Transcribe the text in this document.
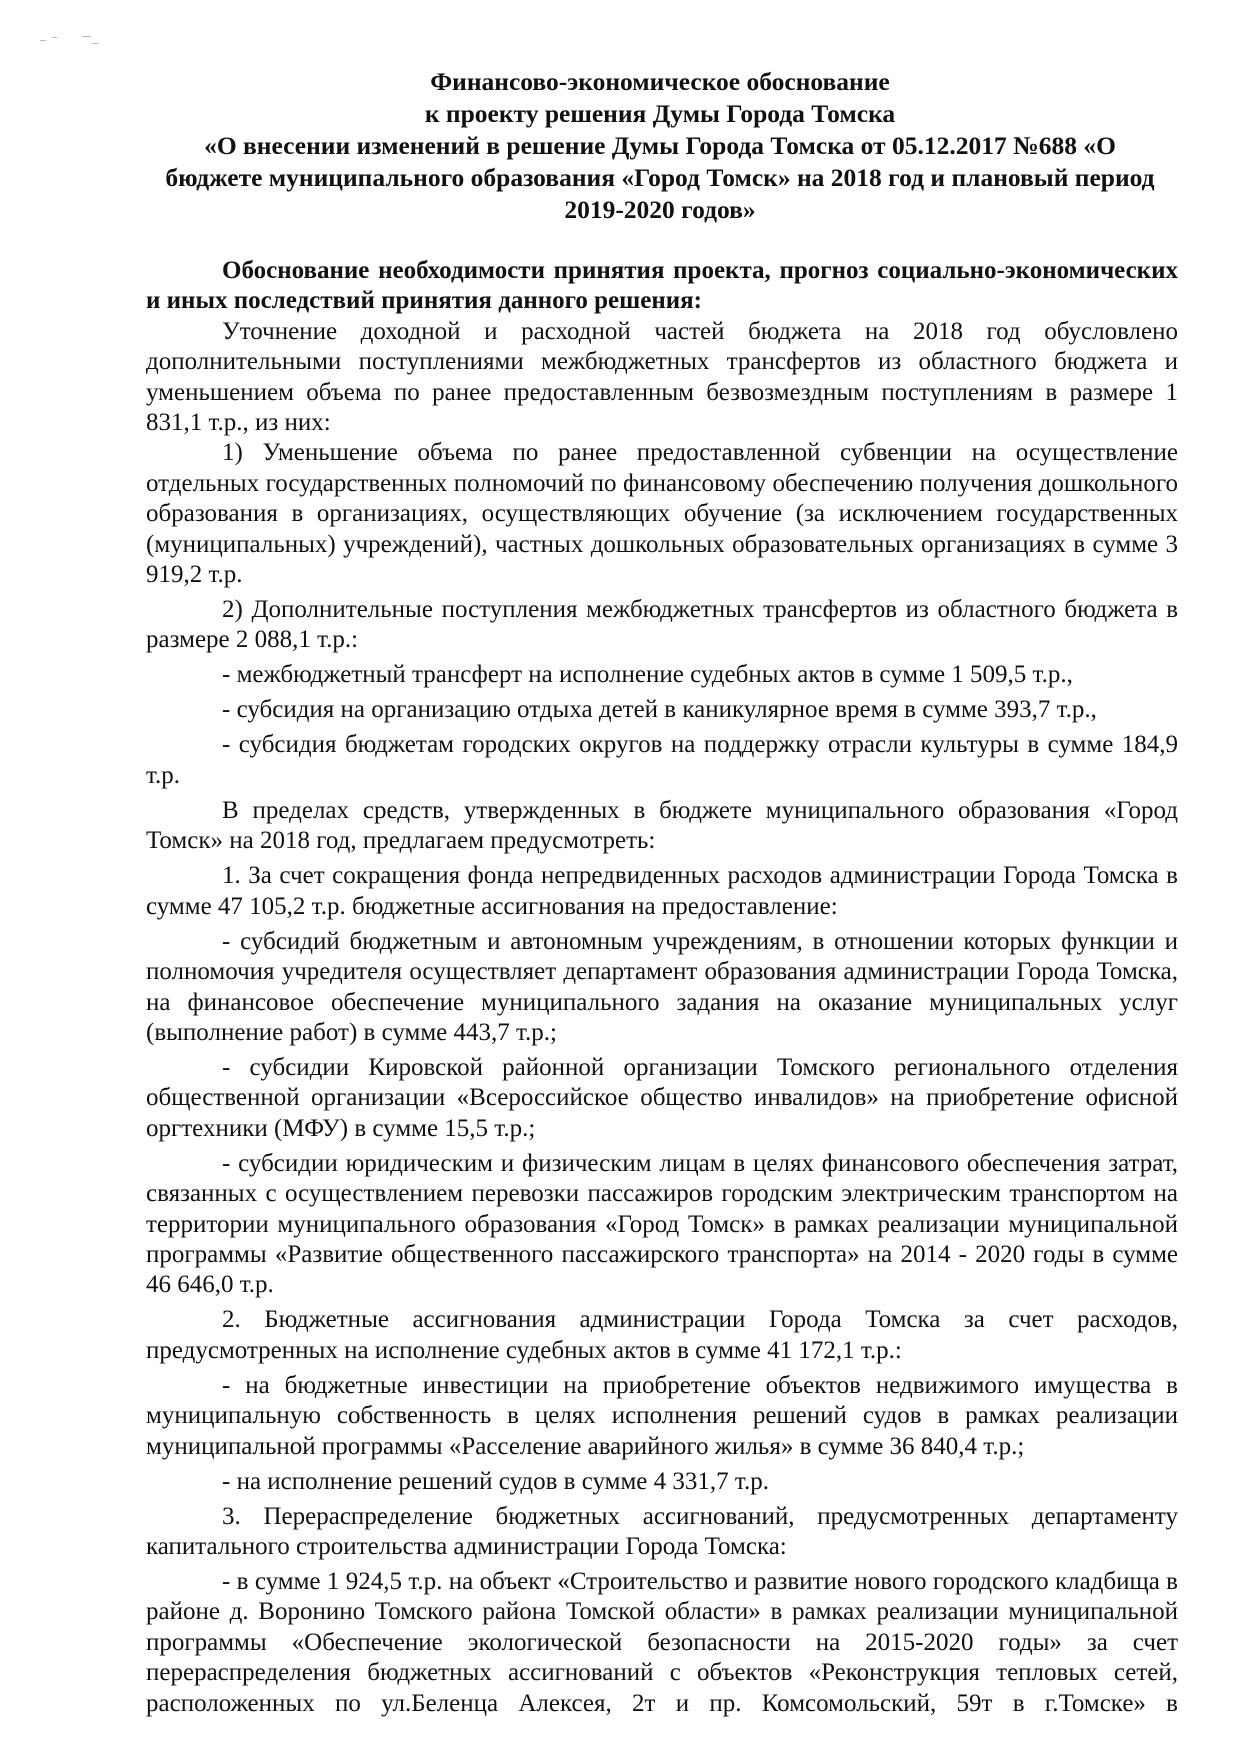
Финансово-экономическое обоснование
к проекту решения Думы Города Томска
«О внесении изменений в решение Думы Города Томска от 05.12.2017 №688 «О
бюджете муниципального образования «Город Томск» на 2018 год и плановый период
2019-2020 годов»

Обоснование необходимости принятия проекта, прогноз социально-экономических и иных последствий принятия данного решения:

Уточнение доходной и расходной частей бюджета на 2018 год обусловлено дополнительными поступлениями межбюджетных трансфертов из областного бюджета и уменьшением объема по ранее предоставленным безвозмездным поступлениям в размере 1 831,1 т.р., из них:

1) Уменьшение объема по ранее предоставленной субвенции на осуществление отдельных государственных полномочий по финансовому обеспечению получения дошкольного образования в организациях, осуществляющих обучение (за исключением государственных (муниципальных) учреждений), частных дошкольных образовательных организациях в сумме 3 919,2 т.р.

2) Дополнительные поступления межбюджетных трансфертов из областного бюджета в размере 2 088,1 т.р.:

- межбюджетный трансферт на исполнение судебных актов в сумме 1 509,5 т.р.,

- субсидия на организацию отдыха детей в каникулярное время в сумме 393,7 т.р.,

- субсидия бюджетам городских округов на поддержку отрасли культуры в сумме 184,9 т.р.

В пределах средств, утвержденных в бюджете муниципального образования «Город Томск» на 2018 год, предлагаем предусмотреть:

1. За счет сокращения фонда непредвиденных расходов администрации Города Томска в сумме 47 105,2 т.р. бюджетные ассигнования на предоставление:

- субсидий бюджетным и автономным учреждениям, в отношении которых функции и полномочия учредителя осуществляет департамент образования администрации Города Томска, на финансовое обеспечение муниципального задания на оказание муниципальных услуг (выполнение работ) в сумме 443,7 т.р.;

- субсидии Кировской районной организации Томского регионального отделения общественной организации «Всероссийское общество инвалидов» на приобретение офисной оргтехники (МФУ) в сумме 15,5 т.р.;

- субсидии юридическим и физическим лицам в целях финансового обеспечения затрат, связанных с осуществлением перевозки пассажиров городским электрическим транспортом на территории муниципального образования «Город Томск» в рамках реализации муниципальной программы «Развитие общественного пассажирского транспорта» на 2014 - 2020 годы в сумме 46 646,0 т.р.

2. Бюджетные ассигнования администрации Города Томска за счет расходов, предусмотренных на исполнение судебных актов в сумме 41 172,1 т.р.:

- на бюджетные инвестиции на приобретение объектов недвижимого имущества в муниципальную собственность в целях исполнения решений судов в рамках реализации муниципальной программы «Расселение аварийного жилья» в сумме 36 840,4 т.р.;

- на исполнение решений судов в сумме 4 331,7 т.р.

3. Перераспределение бюджетных ассигнований, предусмотренных департаменту капитального строительства администрации Города Томска:

- в сумме 1 924,5 т.р. на объект «Строительство и развитие нового городского кладбища в районе д. Воронино Томского района Томской области» в рамках реализации муниципальной программы «Обеспечение экологической безопасности на 2015-2020 годы» за счет перераспределения бюджетных ассигнований с объектов «Реконструкция тепловых сетей, расположенных по ул.Беленца Алексея, 2т и пр. Комсомольский, 59т в г.Томске» в
